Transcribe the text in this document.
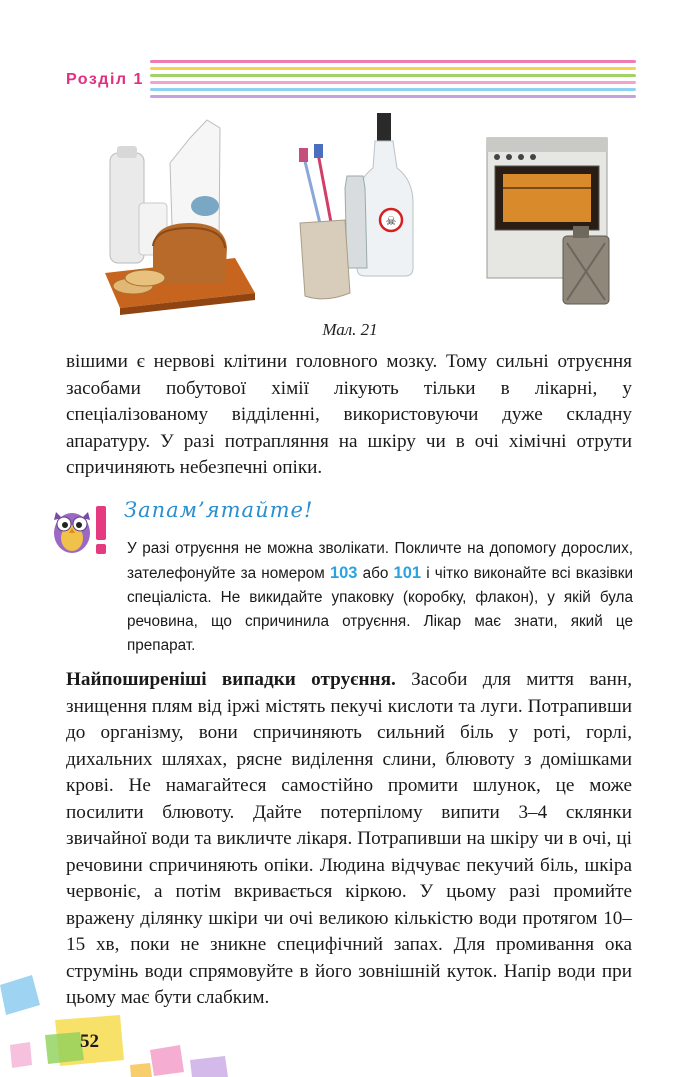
Розділ 1
☠
Мал. 21
вішими є нервові клітини головного мозку. Тому сильні отруєння засобами побутової хімії лікують тільки в лікарні, у спеціалізованому відділенні, використовуючи дуже складну апаратуру. У разі потрапляння на шкіру чи в очі хімічні отрути спричиняють небезпечні опіки.
Запам’ятайте!
У разі отруєння не можна зволікати. Покличте на допомогу дорослих, зателефонуйте за номером 103 або 101 і чітко виконайте всі вказівки спеціаліста. Не викидайте упаковку (коробку, флакон), у якій була речовина, що спричинила отруєння. Лікар має знати, який це препарат.
Найпоширеніші випадки отруєння. Засоби для миття ванн, знищення плям від іржі містять пекучі кислоти та луги. Потрапивши до організму, вони спричиняють сильний біль у роті, горлі, дихальних шляхах, рясне виділення слини, блювоту з домішками крові. Не намагайтеся самостійно промити шлунок, це може посилити блювоту. Дайте потерпілому випити 3–4 склянки звичайної води та викличте лікаря. Потрапивши на шкіру чи в очі, ці речовини спричиняють опіки. Людина відчуває пекучий біль, шкіра червоніє, а потім вкривається кіркою. У цьому разі промийте вражену ділянку шкіри чи очі великою кількістю води протягом 10–15 хв, поки не зникне специфічний запах. Для промивання ока струмінь води спрямовуйте в його зовнішній куток. Напір води при цьому має бути слабким.
52
